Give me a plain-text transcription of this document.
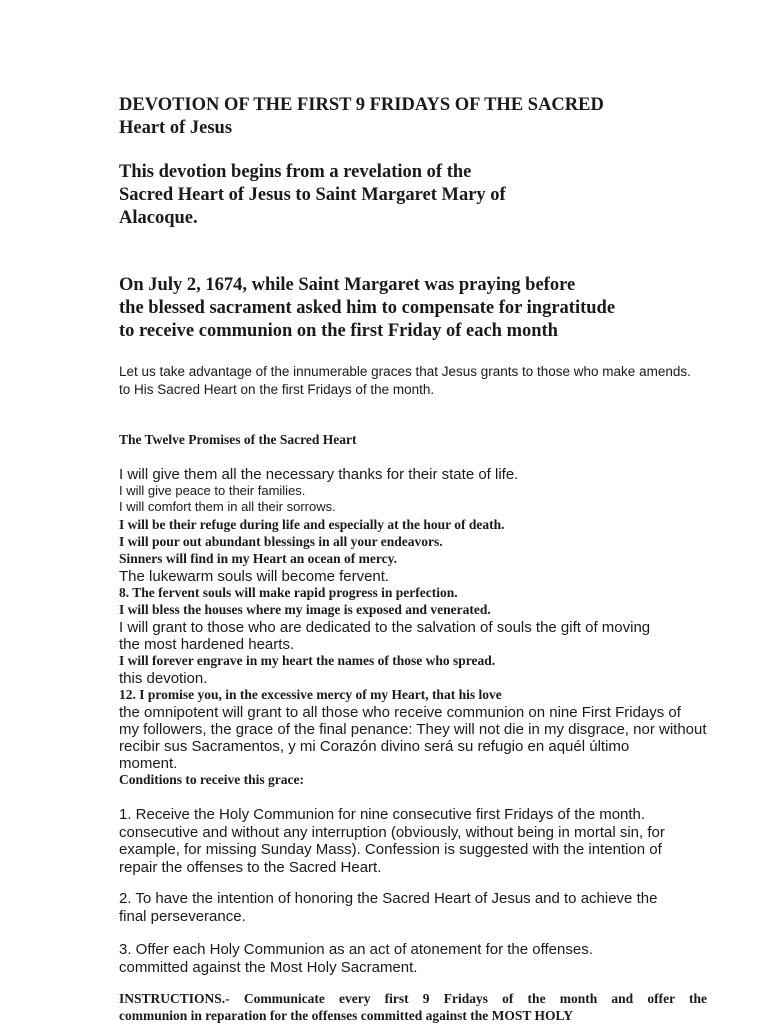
DEVOTION OF THE FIRST 9 FRIDAYS OF THE SACRED
Heart of Jesus
This devotion begins from a revelation of the
Sacred Heart of Jesus to Saint Margaret Mary of
Alacoque.
On July 2, 1674, while Saint Margaret was praying before
the blessed sacrament asked him to compensate for ingratitude
to receive communion on the first Friday of each month
Let us take advantage of the innumerable graces that Jesus grants to those who make amends.
to His Sacred Heart on the first Fridays of the month.
The Twelve Promises of the Sacred Heart
I will give them all the necessary thanks for their state of life.
I will give peace to their families.
I will comfort them in all their sorrows.
I will be their refuge during life and especially at the hour of death.
I will pour out abundant blessings in all your endeavors.
Sinners will find in my Heart an ocean of mercy.
The lukewarm souls will become fervent.
8. The fervent souls will make rapid progress in perfection.
I will bless the houses where my image is exposed and venerated.
I will grant to those who are dedicated to the salvation of souls the gift of moving
the most hardened hearts.
I will forever engrave in my heart the names of those who spread.
this devotion.
12. I promise you, in the excessive mercy of my Heart, that his love
the omnipotent will grant to all those who receive communion on nine First Fridays of
my followers, the grace of the final penance: They will not die in my disgrace, nor without
recibir sus Sacramentos, y mi Corazón divino será su refugio en aquél último
moment.
Conditions to receive this grace:
1. Receive the Holy Communion for nine consecutive first Fridays of the month.
consecutive and without any interruption (obviously, without being in mortal sin, for
example, for missing Sunday Mass). Confession is suggested with the intention of
repair the offenses to the Sacred Heart.
2. To have the intention of honoring the Sacred Heart of Jesus and to achieve the
final perseverance.
3. Offer each Holy Communion as an act of atonement for the offenses.
committed against the Most Holy Sacrament.
INSTRUCTIONS.- Communicate every first 9 Fridays of the month and offer the
communion in reparation for the offenses committed against the MOST HOLY
